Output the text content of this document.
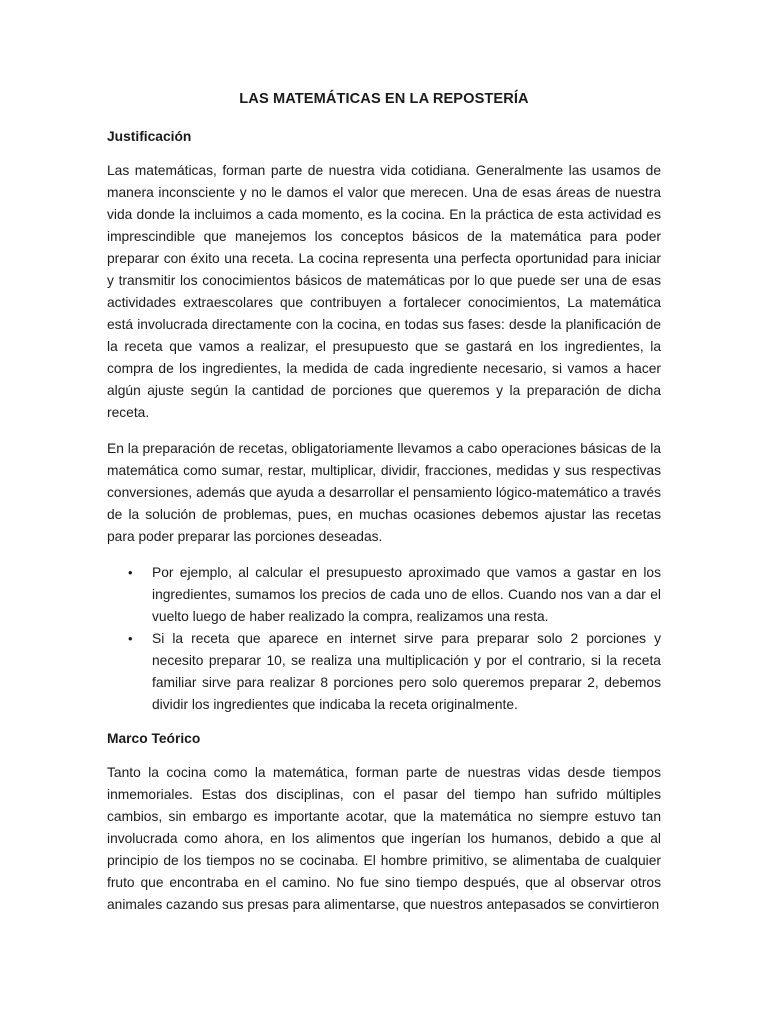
LAS MATEMÁTICAS EN LA REPOSTERÍA
Justificación

Las matemáticas, forman parte de nuestra vida cotidiana. Generalmente las usamos de manera inconsciente y no le damos el valor que merecen. Una de esas áreas de nuestra vida donde la incluimos a cada momento, es la cocina. En la práctica de esta actividad es imprescindible que manejemos los conceptos básicos de la matemática para poder preparar con éxito una receta. La cocina representa una perfecta oportunidad para iniciar y transmitir los conocimientos básicos de matemáticas por lo que puede ser una de esas actividades extraescolares que contribuyen a fortalecer conocimientos, La matemática está involucrada directamente con la cocina, en todas sus fases: desde la planificación de la receta que vamos a realizar, el presupuesto que se gastará en los ingredientes, la compra de los ingredientes, la medida de cada ingrediente necesario, si vamos a hacer algún ajuste según la cantidad de porciones que queremos y la preparación de dicha receta.

En la preparación de recetas, obligatoriamente llevamos a cabo operaciones básicas de la matemática como sumar, restar, multiplicar, dividir, fracciones, medidas y sus respectivas conversiones, además que ayuda a desarrollar el pensamiento lógico-matemático a través de la solución de problemas, pues, en muchas ocasiones debemos ajustar las recetas para poder preparar las porciones deseadas.

• Por ejemplo, al calcular el presupuesto aproximado que vamos a gastar en los ingredientes, sumamos los precios de cada uno de ellos. Cuando nos van a dar el vuelto luego de haber realizado la compra, realizamos una resta.
• Si la receta que aparece en internet sirve para preparar solo 2 porciones y necesito preparar 10, se realiza una multiplicación y por el contrario, si la receta familiar sirve para realizar 8 porciones pero solo queremos preparar 2, debemos dividir los ingredientes que indicaba la receta originalmente.
Marco Teórico

Tanto la cocina como la matemática, forman parte de nuestras vidas desde tiempos inmemoriales. Estas dos disciplinas, con el pasar del tiempo han sufrido múltiples cambios, sin embargo es importante acotar, que la matemática no siempre estuvo tan involucrada como ahora, en los alimentos que ingerían los humanos, debido a que al principio de los tiempos no se cocinaba. El hombre primitivo, se alimentaba de cualquier fruto que encontraba en el camino. No fue sino tiempo después, que al observar otros animales cazando sus presas para alimentarse, que nuestros antepasados se convirtieron
